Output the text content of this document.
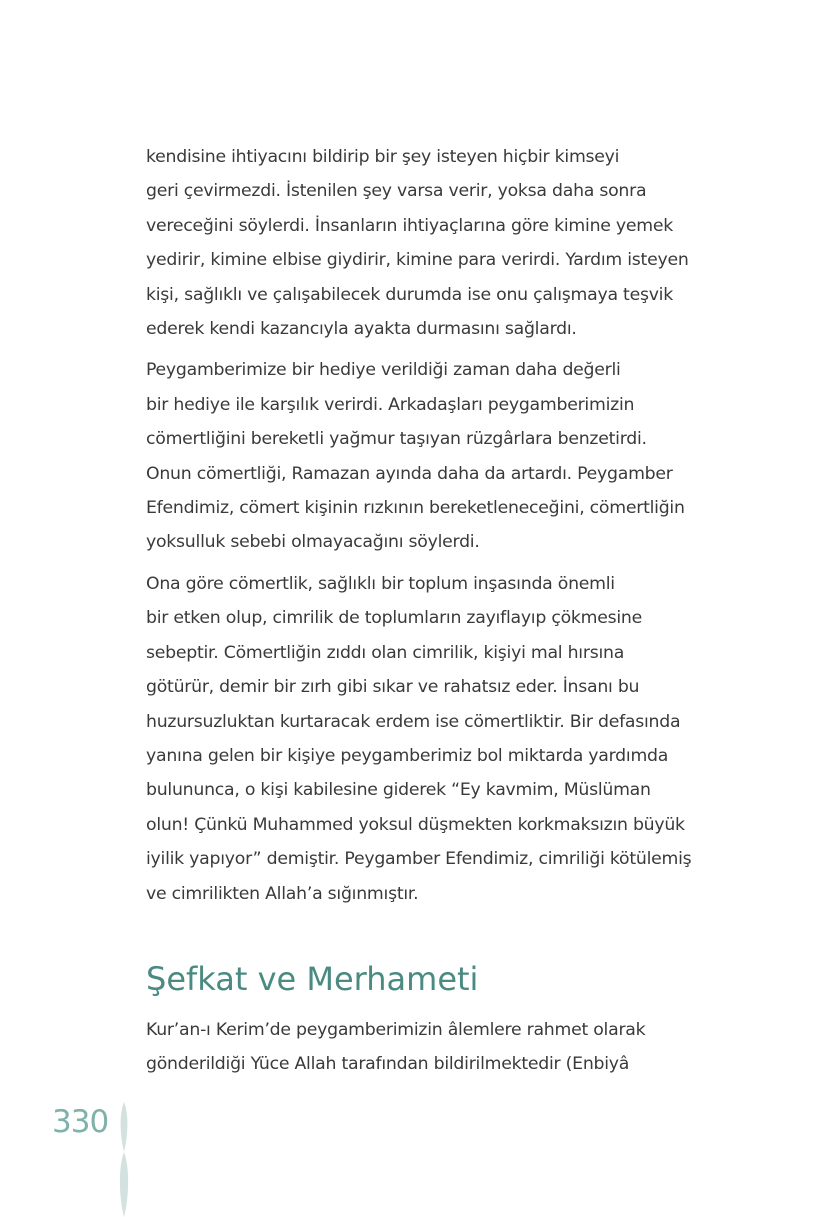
kendisine ihtiyacını bildirip bir şey isteyen hiçbir kimseyi
geri çevirmezdi. İstenilen şey varsa verir, yoksa daha sonra
vereceğini söylerdi. İnsanların ihtiyaçlarına göre kimine yemek
yedirir, kimine elbise giydirir, kimine para verirdi. Yardım isteyen
kişi, sağlıklı ve çalışabilecek durumda ise onu çalışmaya teşvik
ederek kendi kazancıyla ayakta durmasını sağlardı.

Peygamberimize bir hediye verildiği zaman daha değerli
bir hediye ile karşılık verirdi. Arkadaşları peygamberimizin
cömertliğini bereketli yağmur taşıyan rüzgârlara benzetirdi.
Onun cömertliği, Ramazan ayında daha da artardı. Peygamber
Efendimiz, cömert kişinin rızkının bereketleneceğini, cömertliğin
yoksulluk sebebi olmayacağını söylerdi.

Ona göre cömertlik, sağlıklı bir toplum inşasında önemli
bir etken olup, cimrilik de toplumların zayıflayıp çökmesine
sebeptir. Cömertliğin zıddı olan cimrilik, kişiyi mal hırsına
götürür, demir bir zırh gibi sıkar ve rahatsız eder. İnsanı bu
huzursuzluktan kurtaracak erdem ise cömertliktir. Bir defasında
yanına gelen bir kişiye peygamberimiz bol miktarda yardımda
bulununca, o kişi kabilesine giderek “Ey kavmim, Müslüman
olun! Çünkü Muhammed yoksul düşmekten korkmaksızın büyük
iyilik yapıyor” demiştir. Peygamber Efendimiz, cimriliği kötülemiş
ve cimrilikten Allah’a sığınmıştır.

Şefkat ve Merhameti
Kur’an-ı Kerim’de peygamberimizin âlemlere rahmet olarak
gönderildiği Yüce Allah tarafından bildirilmektedir (Enbiyâ
330
